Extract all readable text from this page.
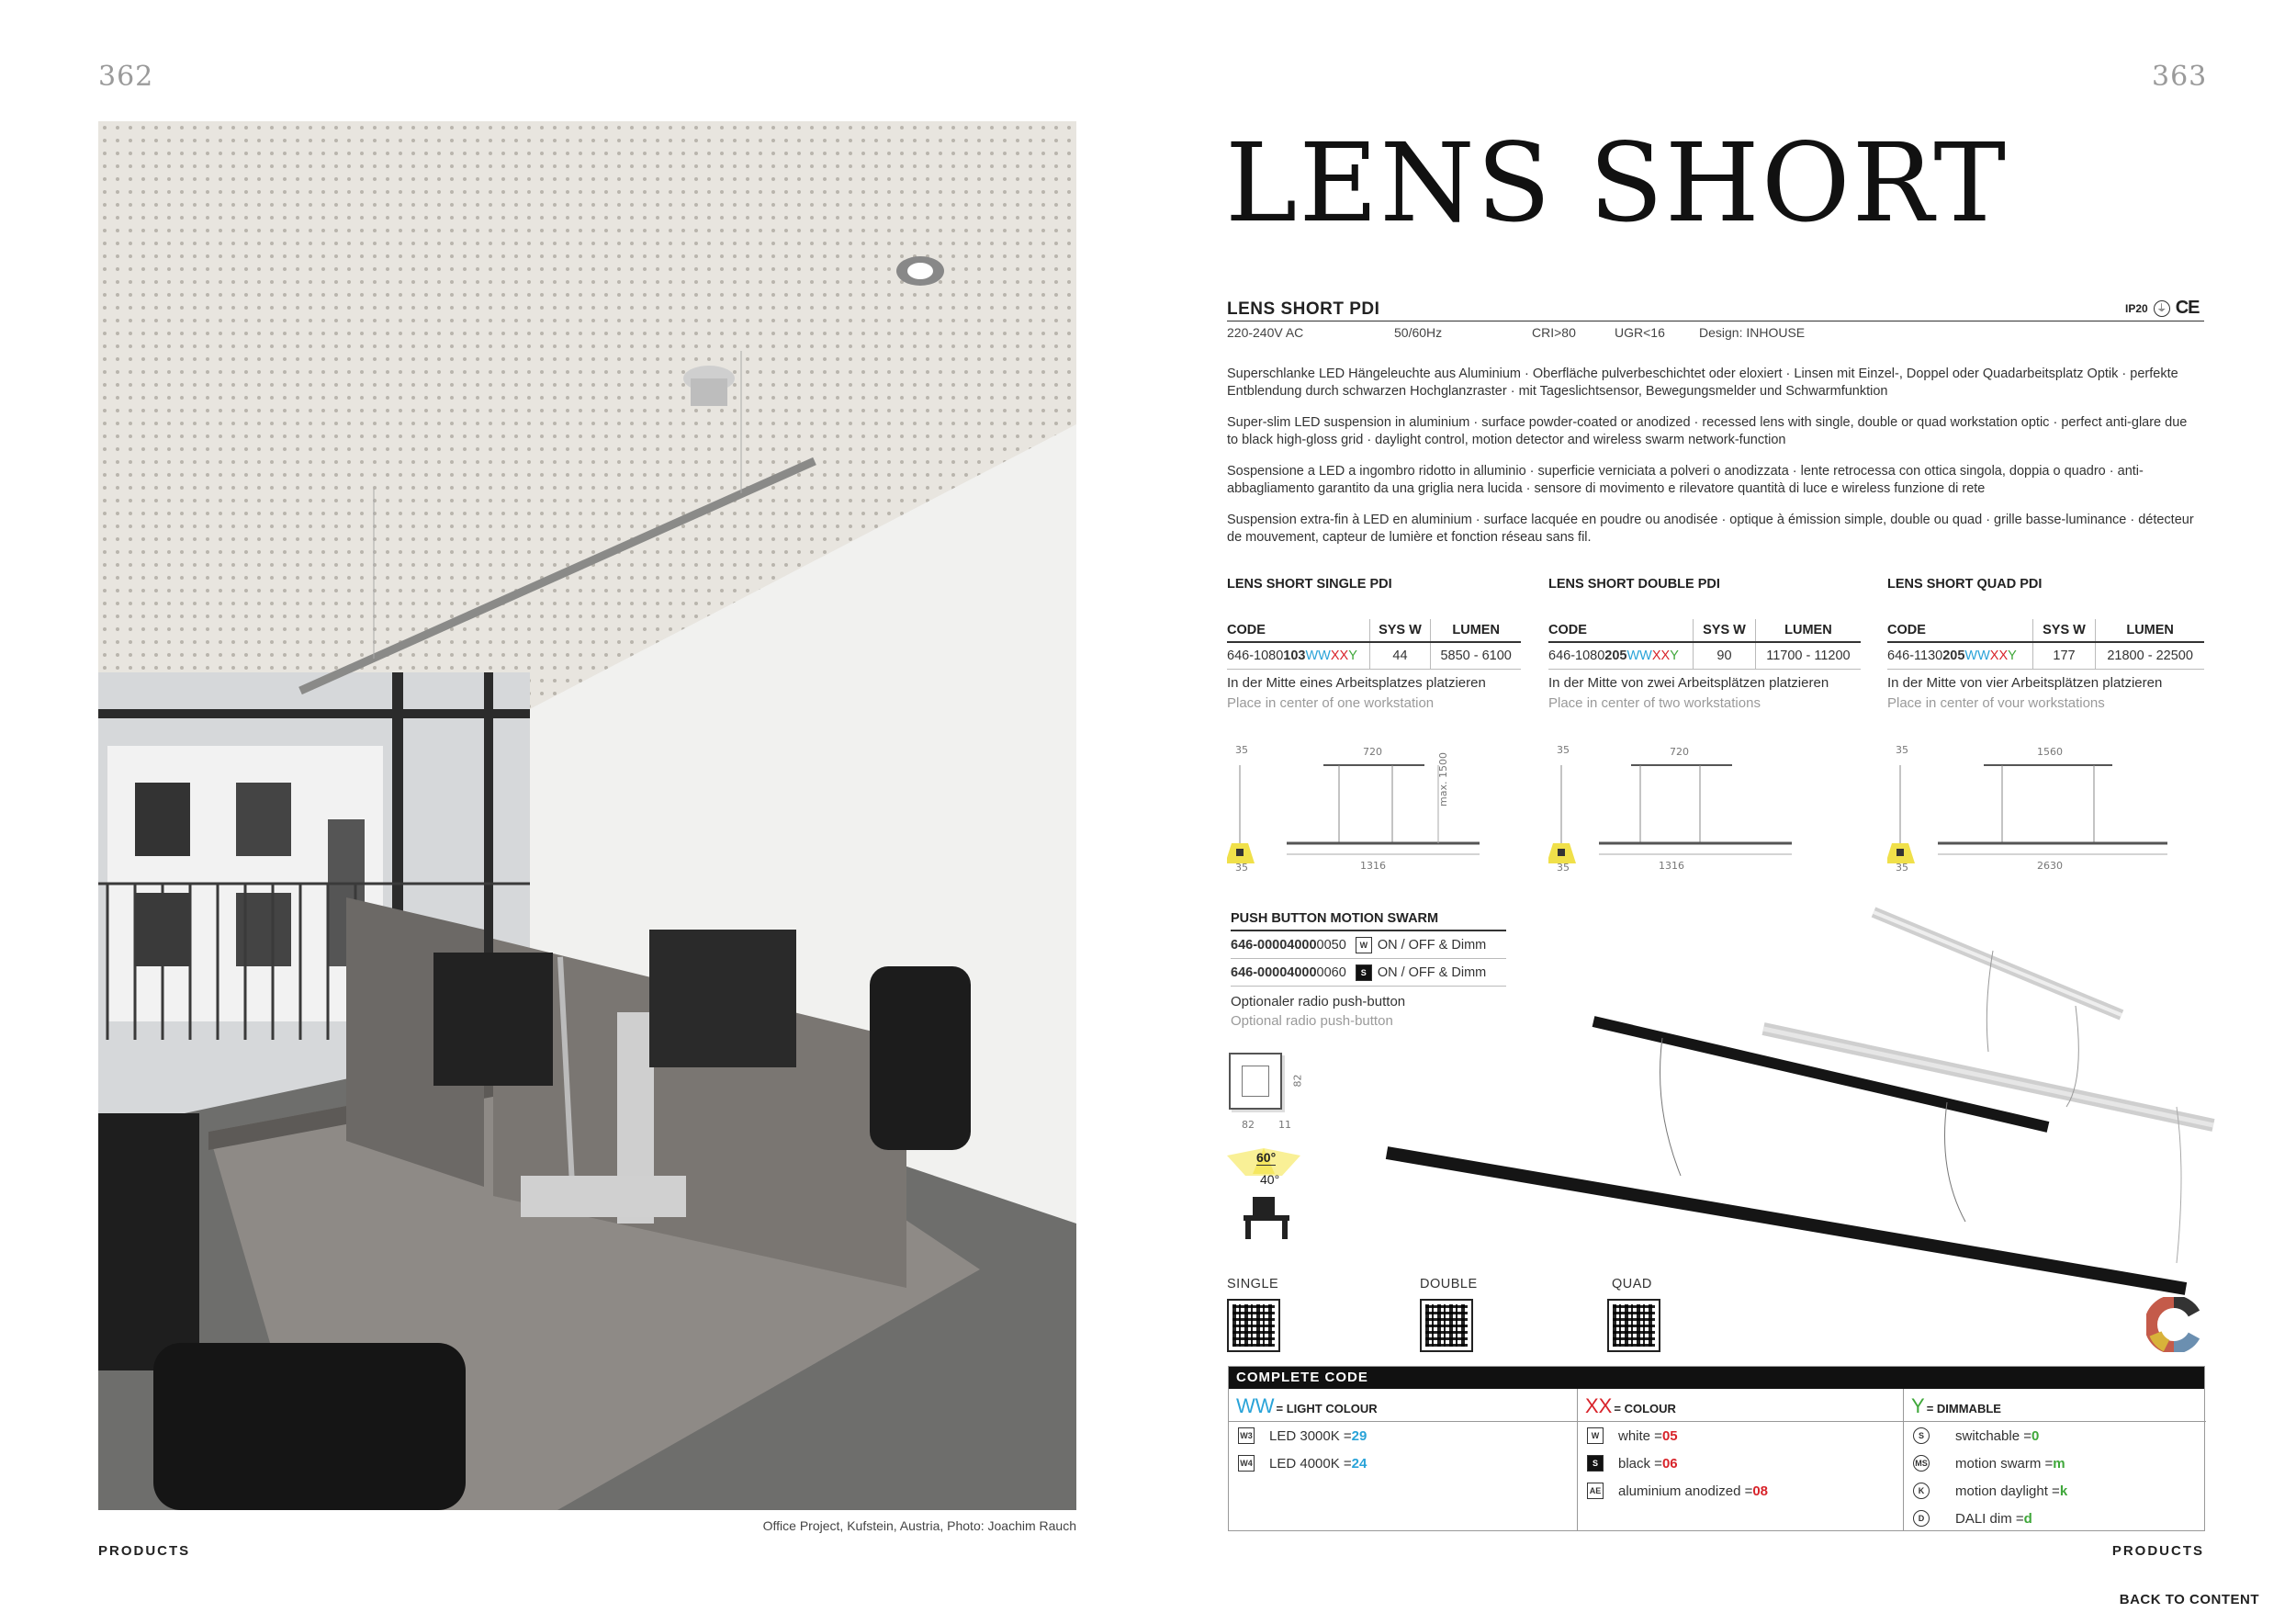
362
Office Project, Kufstein, Austria, Photo: Joachim Rauch
PRODUCTS
363
LENS SHORT
LENS SHORT PDI	IP20 ⏚ CE
220-240V AC	50/60Hz	CRI>80	UGR<16	Design: INHOUSE
Superschlanke LED Hängeleuchte aus Aluminium · Oberfläche pulverbeschichtet oder eloxiert · Linsen mit Einzel-, Doppel oder Quadarbeitsplatz Optik · perfekte Entblendung durch schwarzen Hochglanzraster · mit Tageslichtsensor, Bewegungsmelder und Schwarmfunktion
Super-slim LED suspension in aluminium · surface powder-coated or anodized · recessed lens with single, double or quad workstation optic · perfect anti-glare due to black high-gloss grid · daylight control, motion detector and wireless swarm network-function
Sospensione a LED a ingombro ridotto in alluminio · superficie verniciata a polveri o anodizzata · lente retrocessa con ottica singola, doppia o quadro · anti-abbagliamento garantito da una griglia nera lucida · sensore di movimento e rilevatore quantità di luce e wireless funzione di rete
Suspension extra-fin à LED en aluminium · surface lacquée en poudre ou anodisée · optique à émission simple, double ou quad · grille basse-luminance · détecteur de mouvement, capteur de lumière et fonction réseau sans fil.
LENS SHORT SINGLE PDI
CODE	SYS W	LUMEN
646-1080103WWXXY	44	5850 - 6100
In der Mitte eines Arbeitsplatzes platzieren
Place in center of one workstation
LENS SHORT DOUBLE PDI
CODE	SYS W	LUMEN
646-1080205WWXXY	90	11700 - 11200
In der Mitte von zwei Arbeitsplätzen platzieren
Place in center of two workstations
LENS SHORT QUAD PDI
CODE	SYS W	LUMEN
646-1130205WWXXY	177	21800 - 22500
In der Mitte von vier Arbeitsplätzen platzieren
Place in center of vour workstations
35
35
720
1316
max. 1500
35
35
720
1316
35
35
1560
2630
PUSH BUTTON MOTION SWARM
646-0000 4000 0050	W ON / OFF & Dimm
646-0000 4000 0060	S ON / OFF & Dimm
Optionaler radio push-button
Optional radio push-button
82
82 11
60°
40°
SINGLE	DOUBLE	QUAD
COMPLETE CODE
WW = LIGHT COLOUR
W3 LED 3000K = 29
W4 LED 4000K = 24
XX = COLOUR
W	white = 05
S	black = 06
AE aluminium anodized = 08
Y = DIMMABLE
S	switchable = 0
MS motion swarm = m
K	motion daylight = k
D	DALI dim = d
PRODUCTS
BACK TO CONTENT
